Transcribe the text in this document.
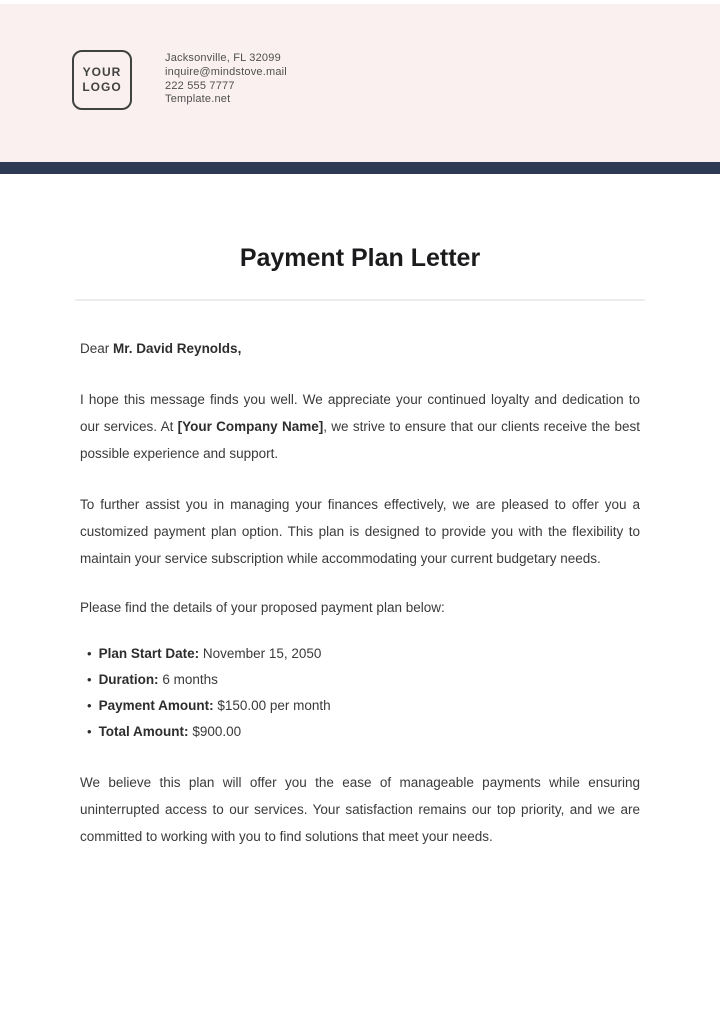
YOUR
LOGO
Jacksonville, FL 32099
inquire@mindstove.mail
222 555 7777
Template.net
Payment Plan Letter

Dear Mr. David Reynolds,

I hope this message finds you well. We appreciate your continued loyalty and dedication to our services. At [Your Company Name], we strive to ensure that our clients receive the best possible experience and support.

To further assist you in managing your finances effectively, we are pleased to offer you a customized payment plan option. This plan is designed to provide you with the flexibility to maintain your service subscription while accommodating your current budgetary needs.

Please find the details of your proposed payment plan below:

• Plan Start Date: November 15, 2050
• Duration: 6 months
• Payment Amount: $150.00 per month
• Total Amount: $900.00

We believe this plan will offer you the ease of manageable payments while ensuring uninterrupted access to our services. Your satisfaction remains our top priority, and we are committed to working with you to find solutions that meet your needs.
